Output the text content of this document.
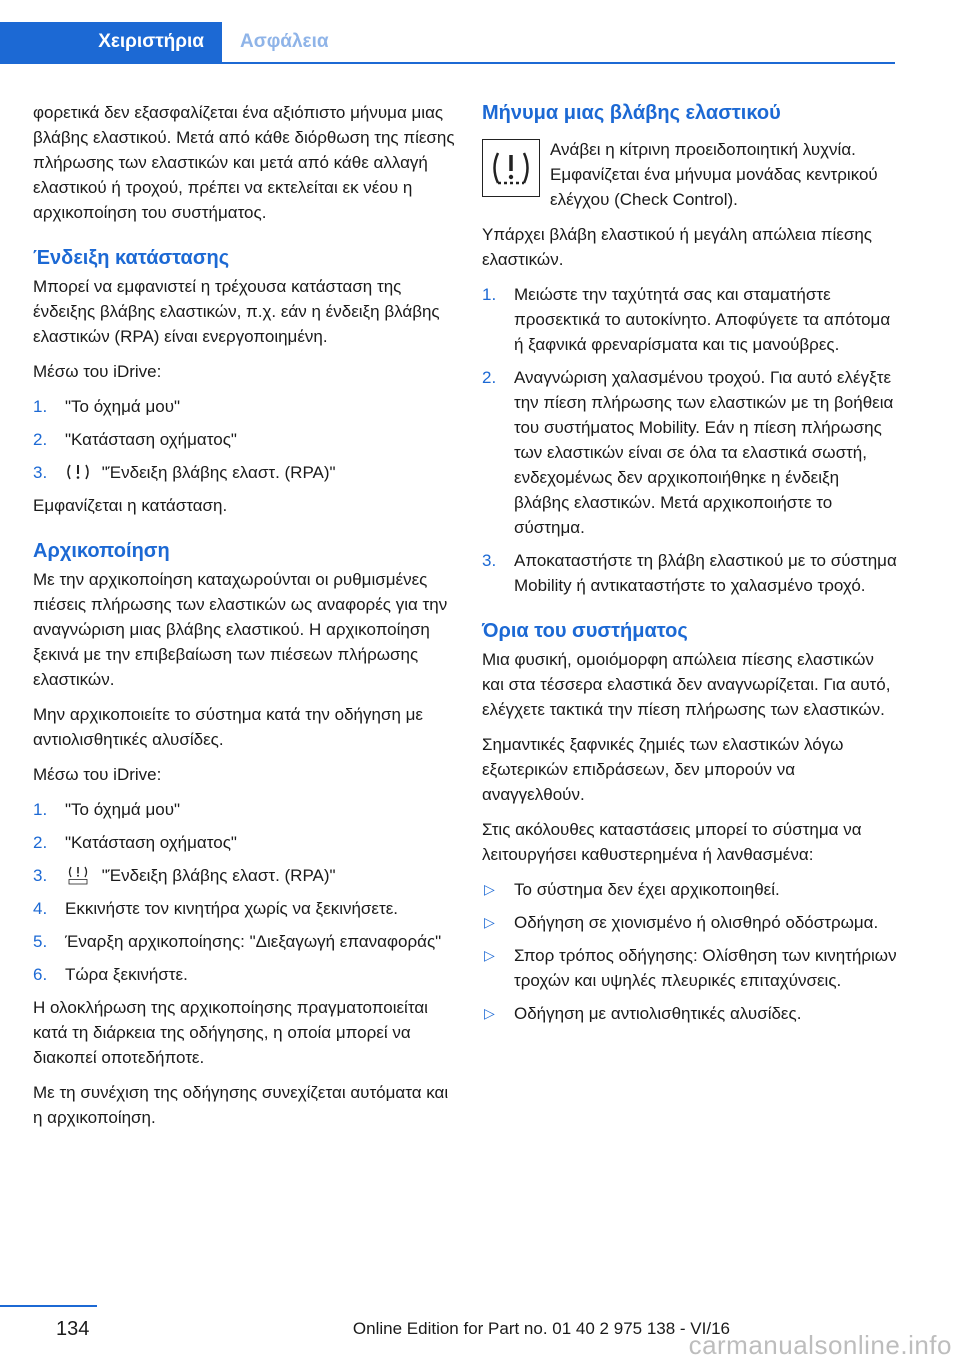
Χειριστήρια	Ασφάλεια

φορετικά δεν εξασφαλίζεται ένα αξιόπιστο μήνυμα μιας βλάβης ελαστικού. Μετά από κάθε διόρθωση της πίεσης πλήρωσης των ελαστικών και μετά από κάθε αλλαγή ελαστικού ή τροχού, πρέπει να εκτελείται εκ νέου η αρχικοποίηση του συστήματος.

Ένδειξη κατάστασης

Μπορεί να εμφανιστεί η τρέχουσα κατάσταση της ένδειξης βλάβης ελαστικών, π.χ. εάν η ένδειξη βλάβης ελαστικών (RPA) είναι ενεργοποιημένη.

Μέσω του iDrive:

1. "Το όχημά μου"
2. "Κατάσταση οχήματος"
3.	"Ένδειξη βλάβης ελαστ. (RPA)"

Εμφανίζεται η κατάσταση.

Αρχικοποίηση

Με την αρχικοποίηση καταχωρούνται οι ρυθμισμένες πιέσεις πλήρωσης των ελαστικών ως αναφορές για την αναγνώριση μιας βλάβης ελαστικού. Η αρχικοποίηση ξεκινά με την επιβεβαίωση των πιέσεων πλήρωσης ελαστικών.

Μην αρχικοποιείτε το σύστημα κατά την οδήγηση με αντιολισθητικές αλυσίδες.

Μέσω του iDrive:

1. "Το όχημά μου"
2. "Κατάσταση οχήματος"
3.	"Ένδειξη βλάβης ελαστ. (RPA)"
4. Εκκινήστε τον κινητήρα χωρίς να ξεκινήσετε.
5. Έναρξη αρχικοποίησης: "Διεξαγωγή επαναφοράς"
6. Τώρα ξεκινήστε.

Η ολοκλήρωση της αρχικοποίησης πραγματοποιείται κατά τη διάρκεια της οδήγησης, η οποία μπορεί να διακοπεί οποτεδήποτε.

Με τη συνέχιση της οδήγησης συνεχίζεται αυτόματα και η αρχικοποίηση.

Μήνυμα μιας βλάβης ελαστικού
Ανάβει η κίτρινη προειδοποιητική λυχνία. Εμφανίζεται ένα μήνυμα μονάδας κεντρικού ελέγχου (Check Control).

Υπάρχει βλάβη ελαστικού ή μεγάλη απώλεια πίεσης ελαστικών.

1. Μειώστε την ταχύτητά σας και σταματήστε προσεκτικά το αυτοκίνητο. Αποφύγετε τα απότομα ή ξαφνικά φρεναρίσματα και τις μανούβρες.
2. Αναγνώριση χαλασμένου τροχού. Για αυτό ελέγξτε την πίεση πλήρωσης των ελαστικών με τη βοήθεια του συστήματος Mobility. Εάν η πίεση πλήρωσης των ελαστικών είναι σε όλα τα ελαστικά σωστή, ενδεχομένως δεν αρχικοποιήθηκε η ένδειξη βλάβης ελαστικών. Μετά αρχικοποιήστε το σύστημα.
3. Αποκαταστήστε τη βλάβη ελαστικού με το σύστημα Mobility ή αντικαταστήστε το χαλασμένο τροχό.
Όρια του συστήματος

Μια φυσική, ομοιόμορφη απώλεια πίεσης ελαστικών και στα τέσσερα ελαστικά δεν αναγνωρίζεται. Για αυτό, ελέγχετε τακτικά την πίεση πλήρωσης των ελαστικών.

Σημαντικές ξαφνικές ζημιές των ελαστικών λόγω εξωτερικών επιδράσεων, δεν μπορούν να αναγγελθούν.

Στις ακόλουθες καταστάσεις μπορεί το σύστημα να λειτουργήσει καθυστερημένα ή λανθασμένα:

▷ Το σύστημα δεν έχει αρχικοποιηθεί.
▷ Οδήγηση σε χιονισμένο ή ολισθηρό οδόστρωμα.
▷ Σπορ τρόπος οδήγησης: Ολίσθηση των κινητήριων τροχών και υψηλές πλευρικές επιταχύνσεις.
▷ Οδήγηση με αντιολισθητικές αλυσίδες.
134	Online Edition for Part no. 01 40 2 975 138 - VI/16
carmanualsonline.info
